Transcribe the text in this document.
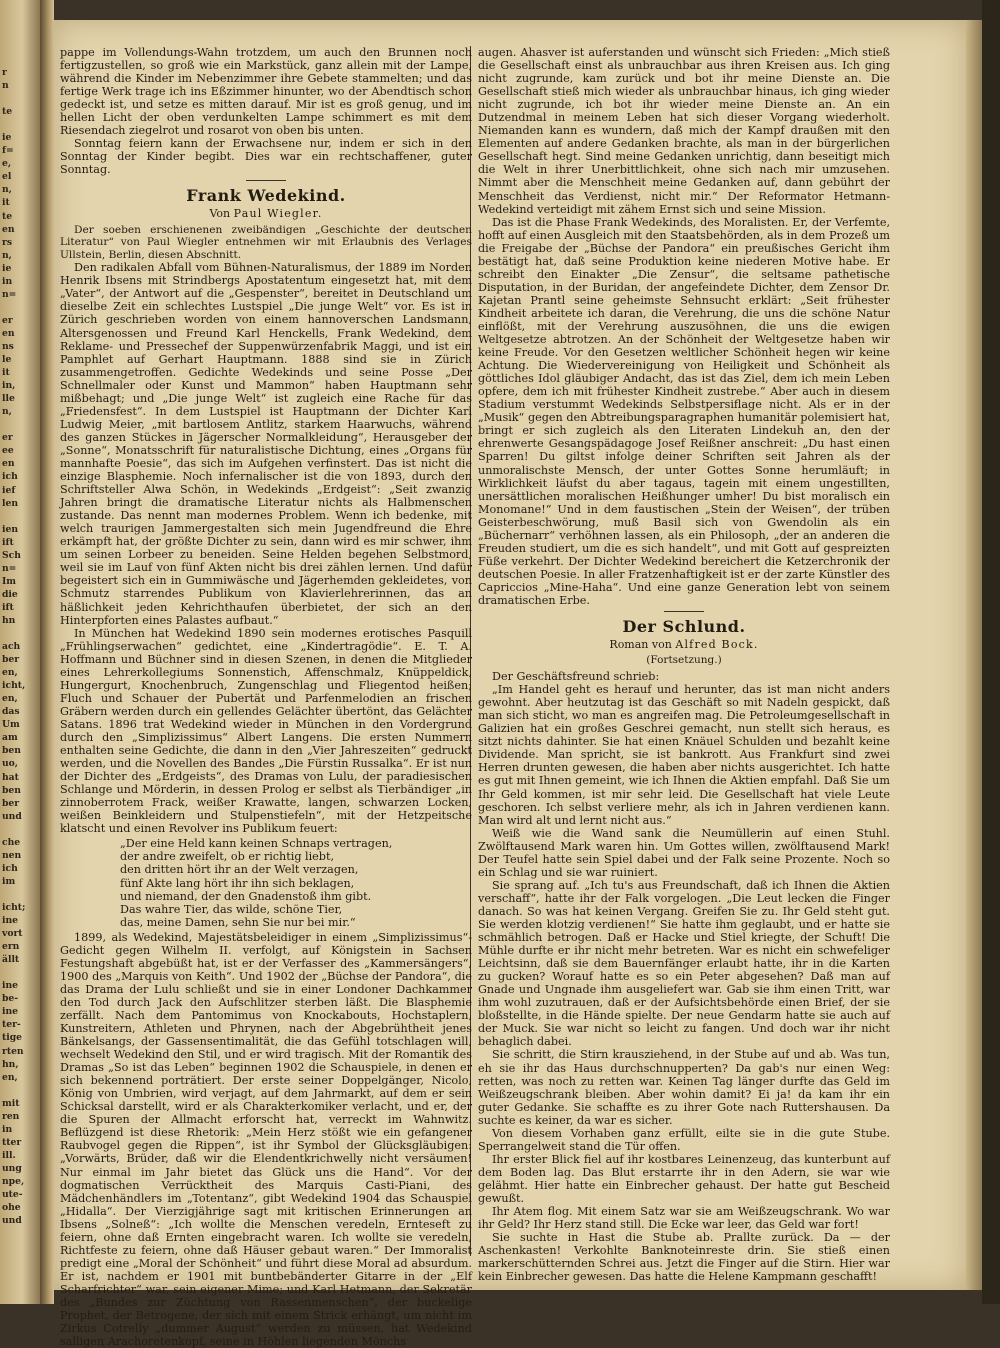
r
n

te

ie
f=
e,
el
n,
it
te
en
rs
n,
ie
in
n=

er
en
ns
le
it
in,
lle
n,

er
ee
en
ich
ief
len

ien
ift
Sch
n=
Im
die
ift
hn

ach
ber
en,
icht,
en,
das
Um
am
ben
uo,
hat
ben
ber
und

che
nen
ich
im

icht;
ine
vort
ern
ällt

ine
be-
ine
ter-
tige
rten
hn,
en,

mit
ren
in
tter
ill.
ung
npe,
ute-
ohe
und

pappe im Vollendungs-Wahn trotzdem, um auch den Brunnen noch fertigzustellen, so groß wie ein Markstück, ganz allein mit der Lampe, während die Kinder im Nebenzimmer ihre Gebete stammelten; und das fertige Werk trage ich ins Eßzimmer hinunter, wo der Abendtisch schon gedeckt ist, und setze es mitten darauf. Mir ist es groß genug, und im hellen Licht der oben verdunkelten Lampe schimmert es mit dem Riesendach ziegelrot und rosarot von oben bis unten.

Sonntag feiern kann der Erwachsene nur, indem er sich in den Sonntag der Kinder begibt. Dies war ein rechtschaffener, guter Sonntag.

Frank Wedekind.
Von Paul Wiegler.

Der soeben erschienenen zweibändigen „Geschichte der deutschen Literatur“ von Paul Wiegler entnehmen wir mit Erlaubnis des Verlages Ullstein, Berlin, diesen Abschnitt.

Den radikalen Abfall vom Bühnen-Naturalismus, der 1889 im Norden Henrik Ibsens mit Strindbergs Apostatentum eingesetzt hat, mit dem „Vater“, der Antwort auf die „Gespenster“, bereitet in Deutschland um dieselbe Zeit ein schlechtes Lustspiel „Die junge Welt“ vor. Es ist in Zürich geschrieben worden von einem hannoverschen Landsmann, Altersgenossen und Freund Karl Henckells, Frank Wedekind, dem Reklame- und Pressechef der Suppenwürzenfabrik Maggi, und ist ein Pamphlet auf Gerhart Hauptmann. 1888 sind sie in Zürich zusammengetroffen. Gedichte Wedekinds und seine Posse „Der Schnellmaler oder Kunst und Mammon“ haben Hauptmann sehr mißbehagt; und „Die junge Welt“ ist zugleich eine Rache für das „Friedensfest“. In dem Lustspiel ist Hauptmann der Dichter Karl Ludwig Meier, „mit bartlosem Antlitz, starkem Haarwuchs, während des ganzen Stückes in Jägerscher Normalkleidung“, Herausgeber der „Sonne“, Monatsschrift für naturalistische Dichtung, eines „Organs für mannhafte Poesie“, das sich im Aufgehen verfinstert. Das ist nicht die einzige Blasphemie. Noch infernalischer ist die von 1893, durch den Schriftsteller Alwa Schön, in Wedekinds „Erdgeist“: „Seit zwanzig Jahren bringt die dramatische Literatur nichts als Halbmenschen zustande. Das nennt man modernes Problem. Wenn ich bedenke, mit welch traurigen Jammergestalten sich mein Jugendfreund die Ehre erkämpft hat, der größte Dichter zu sein, dann wird es mir schwer, ihm um seinen Lorbeer zu beneiden. Seine Helden begehen Selbstmord, weil sie im Lauf von fünf Akten nicht bis drei zählen lernen. Und dafür begeistert sich ein in Gummiwäsche und Jägerhemden gekleidetes, von Schmutz starrendes Publikum von Klavierlehrerinnen, das an häßlichkeit jeden Kehrichthaufen überbietet, der sich an den Hinterpforten eines Palastes aufbaut.“

In München hat Wedekind 1890 sein modernes erotisches Pasquill „Frühlingserwachen“ gedichtet, eine „Kindertragödie“. E. T. A. Hoffmann und Büchner sind in diesen Szenen, in denen die Mitglieder eines Lehrerkollegiums Sonnenstich, Affenschmalz, Knüppeldick, Hungergurt, Knochenbruch, Zungenschlag und Fliegentod heißen; Fluch und Schauer der Pubertät und Parfenmelodien an frischen Gräbern werden durch ein gellendes Gelächter übertönt, das Gelächter Satans. 1896 trat Wedekind wieder in München in den Vordergrund durch den „Simplizissimus“ Albert Langens. Die ersten Nummern enthalten seine Gedichte, die dann in den „Vier Jahreszeiten“ gedruckt werden, und die Novellen des Bandes „Die Fürstin Russalka“. Er ist nun der Dichter des „Erdgeists“, des Dramas von Lulu, der paradiesischen Schlange und Mörderin, in dessen Prolog er selbst als Tierbändiger „in zinnoberrotem Frack, weißer Krawatte, langen, schwarzen Locken, weißen Beinkleidern und Stulpenstiefeln“, mit der Hetzpeitsche klatscht und einen Revolver ins Publikum feuert:

„Der eine Held kann keinen Schnaps vertragen,
der andre zweifelt, ob er richtig liebt,
den dritten hört ihr an der Welt verzagen,
fünf Akte lang hört ihr ihn sich beklagen,
und niemand, der den Gnadenstoß ihm gibt.
Das wahre Tier, das wilde, schöne Tier,
das, meine Damen, sehn Sie nur bei mir.“

1899, als Wedekind, Majestätsbeleidiger in einem „Simplizissimus“-Gedicht gegen Wilhelm II. verfolgt, auf Königstein in Sachsen Festungshaft abgebüßt hat, ist er der Verfasser des „Kammersängers“, 1900 des „Marquis von Keith“. Und 1902 der „Büchse der Pandora“, die das Drama der Lulu schließt und sie in einer Londoner Dachkammer den Tod durch Jack den Aufschlitzer sterben läßt. Die Blasphemie zerfällt. Nach dem Pantomimus von Knockabouts, Hochstaplern, Kunstreitern, Athleten und Phrynen, nach der Abgebrühtheit jenes Bänkelsangs, der Gassensentimalität, die das Gefühl totschlagen will, wechselt Wedekind den Stil, und er wird tragisch. Mit der Romantik des Dramas „So ist das Leben“ beginnen 1902 die Schauspiele, in denen er sich bekennend porträtiert. Der erste seiner Doppelgänger, Nicolo, König von Umbrien, wird verjagt, auf dem Jahrmarkt, auf dem er sein Schicksal darstellt, wird er als Charakterkomiker verlacht, und er, der die Spuren der Allmacht erforscht hat, verreckt im Wahnwitz. Beflüzgend ist diese Rhetorik: „Mein Herz stößt wie ein gefangener Raubvogel gegen die Rippen“, ist ihr Symbol der Glücksgläubigen: „Vorwärts, Brüder, daß wir die Elendentkrichwelly nicht versäumen! Nur einmal im Jahr bietet das Glück uns die Hand“. Vor der dogmatischen Verrücktheit des Marquis Casti-Piani, des Mädchenhändlers im „Totentanz“, gibt Wedekind 1904 das Schauspiel „Hidalla“. Der Vierzigjährige sagt mit kritischen Erinnerungen an Ibsens „Solneß“: „Ich wollte die Menschen veredeln, Ernteseft zu feiern, ohne daß Ernten eingebracht waren. Ich wollte sie veredeln, Richtfeste zu feiern, ohne daß Häuser gebaut waren.“ Der Immoralist predigt eine „Moral der Schönheit“ und führt diese Moral ad absurdum. Er ist, nachdem er 1901 mit buntbebänderter Gitarre in der „Elf Scharfrichter“ war, sein eigener Mime; und Karl Hetmann, der Sekretär des „Bundes zur Züchtung von Rassenmenschen“, der buckelige Prophet, der Betrogene, der sich mit einem Strick erhängt, um nicht im Zirkus Cotrelly „dummer August“ werden zu müssen, hat Wedekind salligen Arachoretenkopf, seine in Höhlen liegenden Mönchs

augen. Ahasver ist auferstanden und wünscht sich Frieden: „Mich stieß die Gesellschaft einst als unbrauchbar aus ihren Kreisen aus. Ich ging nicht zugrunde, kam zurück und bot ihr meine Dienste an. Die Gesellschaft stieß mich wieder als unbrauchbar hinaus, ich ging wieder nicht zugrunde, ich bot ihr wieder meine Dienste an. An ein Dutzendmal in meinem Leben hat sich dieser Vorgang wiederholt. Niemanden kann es wundern, daß mich der Kampf draußen mit den Elementen auf andere Gedanken brachte, als man in der bürgerlichen Gesellschaft hegt. Sind meine Gedanken unrichtig, dann beseitigt mich die Welt in ihrer Unerbittlichkeit, ohne sich nach mir umzusehen. Nimmt aber die Menschheit meine Gedanken auf, dann gebührt der Menschheit das Verdienst, nicht mir.“ Der Reformator Hetmann-Wedekind verteidigt mit zähem Ernst sich und seine Mission.

Das ist die Phase Frank Wedekinds, des Moralisten. Er, der Verfemte, hofft auf einen Ausgleich mit den Staatsbehörden, als in dem Prozeß um die Freigabe der „Büchse der Pandora“ ein preußisches Gericht ihm bestätigt hat, daß seine Produktion keine niederen Motive habe. Er schreibt den Einakter „Die Zensur“, die seltsame pathetische Disputation, in der Buridan, der angefeindete Dichter, dem Zensor Dr. Kajetan Prantl seine geheimste Sehnsucht erklärt: „Seit frühester Kindheit arbeitete ich daran, die Verehrung, die uns die schöne Natur einflößt, mit der Verehrung auszusöhnen, die uns die ewigen Weltgesetze abtrotzen. An der Schönheit der Weltgesetze haben wir keine Freude. Vor den Gesetzen weltlicher Schönheit hegen wir keine Achtung. Die Wiedervereinigung von Heiligkeit und Schönheit als göttliches Idol gläubiger Andacht, das ist das Ziel, dem ich mein Leben opfere, dem ich mit frühester Kindheit zustrebe.“ Aber auch in diesem Stadium verstummt Wedekinds Selbstpersiflage nicht. Als er in der „Musik“ gegen den Abtreibungsparagraphen humanitär polemisiert hat, bringt er sich zugleich als den Literaten Lindekuh an, den der ehrenwerte Gesangspädagoge Josef Reißner anschreit: „Du hast einen Sparren! Du giltst infolge deiner Schriften seit Jahren als der unmoralischste Mensch, der unter Gottes Sonne herumläuft; in Wirklichkeit läufst du aber tagaus, tagein mit einem ungestillten, unersättlichen moralischen Heißhunger umher! Du bist moralisch ein Monomane!“ Und in dem faustischen „Stein der Weisen“, der trüben Geisterbeschwörung, muß Basil sich von Gwendolin als ein „Büchernarr“ verhöhnen lassen, als ein Philosoph, „der an anderen die Freuden studiert, um die es sich handelt“, und mit Gott auf gespreizten Füße verkehrt. Der Dichter Wedekind bereichert die Ketzerchronik der deutschen Poesie. In aller Fratzenhaftigkeit ist er der zarte Künstler des Capriccios „Mine-Haha“. Und eine ganze Generation lebt von seinem dramatischen Erbe.

Der Schlund.
Roman von Alfred Bock.
(Fortsetzung.)

Der Geschäftsfreund schrieb:

„Im Handel geht es herauf und herunter, das ist man nicht anders gewohnt. Aber heutzutag ist das Geschäft so mit Nadeln gespickt, daß man sich sticht, wo man es angreifen mag. Die Petroleumgesellschaft in Galizien hat ein großes Geschrei gemacht, nun stellt sich heraus, es sitzt nichts dahinter. Sie hat einen Knäuel Schulden und bezahlt keine Dividende. Man spricht, sie ist bankrott. Aus Frankfurt sind zwei Herren drunten gewesen, die haben aber nichts ausgerichtet. Ich hatte es gut mit Ihnen gemeint, wie ich Ihnen die Aktien empfahl. Daß Sie um Ihr Geld kommen, ist mir sehr leid. Die Gesellschaft hat viele Leute geschoren. Ich selbst verliere mehr, als ich in Jahren verdienen kann. Man wird alt und lernt nicht aus.“

Weiß wie die Wand sank die Neumüllerin auf einen Stuhl. Zwölftausend Mark waren hin. Um Gottes willen, zwölftausend Mark! Der Teufel hatte sein Spiel dabei und der Falk seine Prozente. Noch so ein Schlag und sie war ruiniert.

Sie sprang auf. „Ich tu's aus Freundschaft, daß ich Ihnen die Aktien verschaff“, hatte ihr der Falk vorgelogen. „Die Leut lecken die Finger danach. So was hat keinen Vergang. Greifen Sie zu. Ihr Geld steht gut. Sie werden klotzig verdienen!“ Sie hatte ihm geglaubt, und er hatte sie schmählich betrogen. Daß er Hacke und Stiel kriegte, der Schuft! Die Mühle durfte er ihr nicht mehr betreten. War es nicht ein schwefeliger Leichtsinn, daß sie dem Bauernfänger erlaubt hatte, ihr in die Karten zu gucken? Worauf hatte es so ein Peter abgesehen? Daß man auf Gnade und Ungnade ihm ausgeliefert war. Gab sie ihm einen Tritt, war ihm wohl zuzutrauen, daß er der Aufsichtsbehörde einen Brief, der sie bloßstellte, in die Hände spielte. Der neue Gendarm hatte sie auch auf der Muck. Sie war nicht so leicht zu fangen. Und doch war ihr nicht behaglich dabei.

Sie schritt, die Stirn krausziehend, in der Stube auf und ab. Was tun, eh sie ihr das Haus durchschnupperten? Da gab's nur einen Weg: retten, was noch zu retten war. Keinen Tag länger durfte das Geld im Weißzeugschrank bleiben. Aber wohin damit? Ei ja! da kam ihr ein guter Gedanke. Sie schaffte es zu ihrer Gote nach Ruttershausen. Da suchte es keiner, da war es sicher.

Von diesem Vorhaben ganz erfüllt, eilte sie in die gute Stube. Sperrangelweit stand die Tür offen.

Ihr erster Blick fiel auf ihr kostbares Leinenzeug, das kunterbunt auf dem Boden lag. Das Blut erstarrte ihr in den Adern, sie war wie gelähmt. Hier hatte ein Einbrecher gehaust. Der hatte gut Bescheid gewußt.

Ihr Atem flog. Mit einem Satz war sie am Weißzeugschrank. Wo war ihr Geld? Ihr Herz stand still. Die Ecke war leer, das Geld war fort!

Sie suchte in Hast die Stube ab. Prallte zurück. Da — der Aschenkasten! Verkohlte Banknoteinreste drin. Sie stieß einen markerschütternden Schrei aus. Jetzt die Finger auf die Stirn. Hier war kein Einbrecher gewesen. Das hatte die Helene Kampmann geschafft!
